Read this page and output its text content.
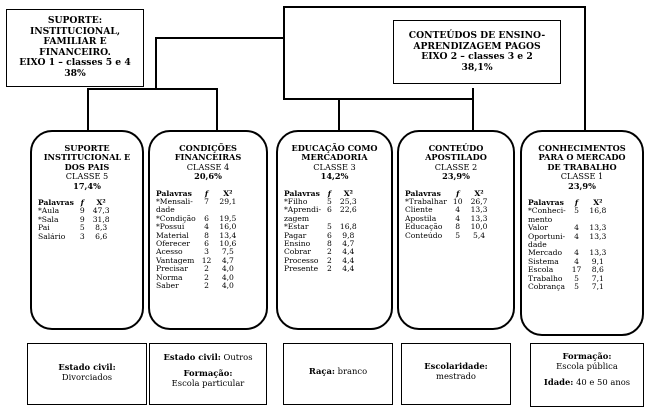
SUPORTE:
INSTITUCIONAL,
FAMILIAR E
FINANCEIRO.
EIXO 1 – classes 5 e 4
38%
CONTEÚDOS DE ENSINO-
APRENDIZAGEM PAGOS
EIXO 2 – classes 3 e 2
38,1%
SUPORTE
INSTITUCIONAL E
DOS PAIS
CLASSE 5
17,4%
Palavras	f	X²
*Aula	9	47,3
*Sala	9	31,8
Pai	5	8,3
Salário	3	6,6
CONDIÇÕES
FINANCEIRAS
CLASSE 4
20,6%
Palavras	f	X²
*Mensali-	7	29,1
dade		
*Condição	6	19,5
*Possui	4	16,0
Material	8	13,4
Oferecer	6	10,6
Acesso	3	7,5
Vantagem	12	4,7
Precisar	2	4,0
Norma	2	4,0
Saber	2	4,0
EDUCAÇÃO COMO
MERCADORIA
CLASSE 3
14,2%
Palavras	f	X²
*Filho	5	25,3
*Aprendi-	6	22,6
zagem		
*Estar	5	16,8
Pagar	6	9,8
Ensino	8	4,7
Cobrar	2	4,4
Processo	2	4,4
Presente	2	4,4
CONTEÚDO
APOSTILADO
CLASSE 2
23,9%
Palavras	f	X²
*Trabalhar	10	26,7
Cliente	4	13,3
Apostila	4	13,3
Educação	8	10,0
Conteúdo	5	5,4
CONHECIMENTOS
PARA O MERCADO
DE TRABALHO
CLASSE 1
23,9%
Palavras	f	X²
*Conheci-	5	16,8
mento		
Valor	4	13,3
Oportuni-	4	13,3
dade		
Mercado	4	13,3
Sistema	4	9,1
Escola	17	8,6
Trabalho	5	7,1
Cobrança	5	7,1
Estado civil:
Divorciados
Estado civil: Outros
Formação:
Escola particular
Raça: branco	Escolaridade:
mestrado
Formação:
Escola pública
Idade: 40 e 50 anos
